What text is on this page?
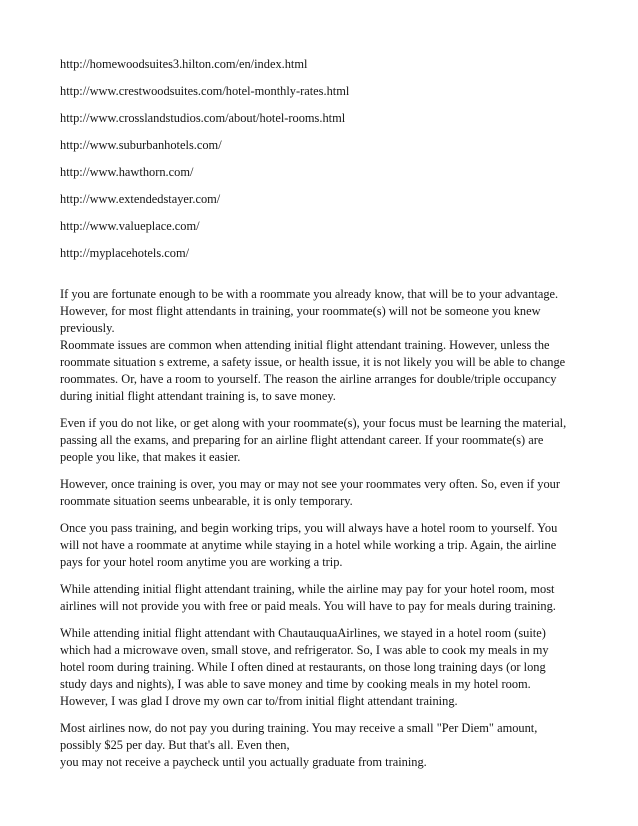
http://homewoodsuites3.hilton.com/en/index.html
http://www.crestwoodsuites.com/hotel-monthly-rates.html
http://www.crosslandstudios.com/about/hotel-rooms.html
http://www.suburbanhotels.com/
http://www.hawthorn.com/
http://www.extendedstayer.com/
http://www.valueplace.com/
http://myplacehotels.com/
If you are fortunate enough to be with a roommate you already know, that will be to your advantage.
However, for most flight attendants in training, your roommate(s) will not be someone you knew
previously.
Roommate issues are common when attending initial flight attendant training. However, unless the
roommate situation s extreme, a safety issue, or health issue, it is not likely you will be able to change
roommates. Or, have a room to yourself. The reason the airline arranges for double/triple occupancy
during initial flight attendant training is, to save money.
Even if you do not like, or get along with your roommate(s), your focus must be learning the material,
passing all the exams, and preparing for an airline flight attendant career. If your roommate(s) are
people you like, that makes it easier.
However, once training is over, you may or may not see your roommates very often. So, even if your
roommate situation seems unbearable, it is only temporary.
Once you pass training, and begin working trips, you will always have a hotel room to yourself. You
will not have a roommate at anytime while staying in a hotel while working a trip. Again, the airline
pays for your hotel room anytime you are working a trip.
While attending initial flight attendant training, while the airline may pay for your hotel room, most
airlines will not provide you with free or paid meals. You will have to pay for meals during training.
While attending initial flight attendant with ChautauquaAirlines, we stayed in a hotel room (suite)
which had a microwave oven, small stove, and refrigerator. So, I was able to cook my meals in my
hotel room during training. While I often dined at restaurants, on those long training days (or long
study days and nights), I was able to save money and time by cooking meals in my hotel room.
However, I was glad I drove my own car to/from initial flight attendant training.
Most airlines now, do not pay you during training. You may receive a small "Per Diem" amount,
possibly $25 per day. But that's all. Even then,
you may not receive a paycheck until you actually graduate from training.
